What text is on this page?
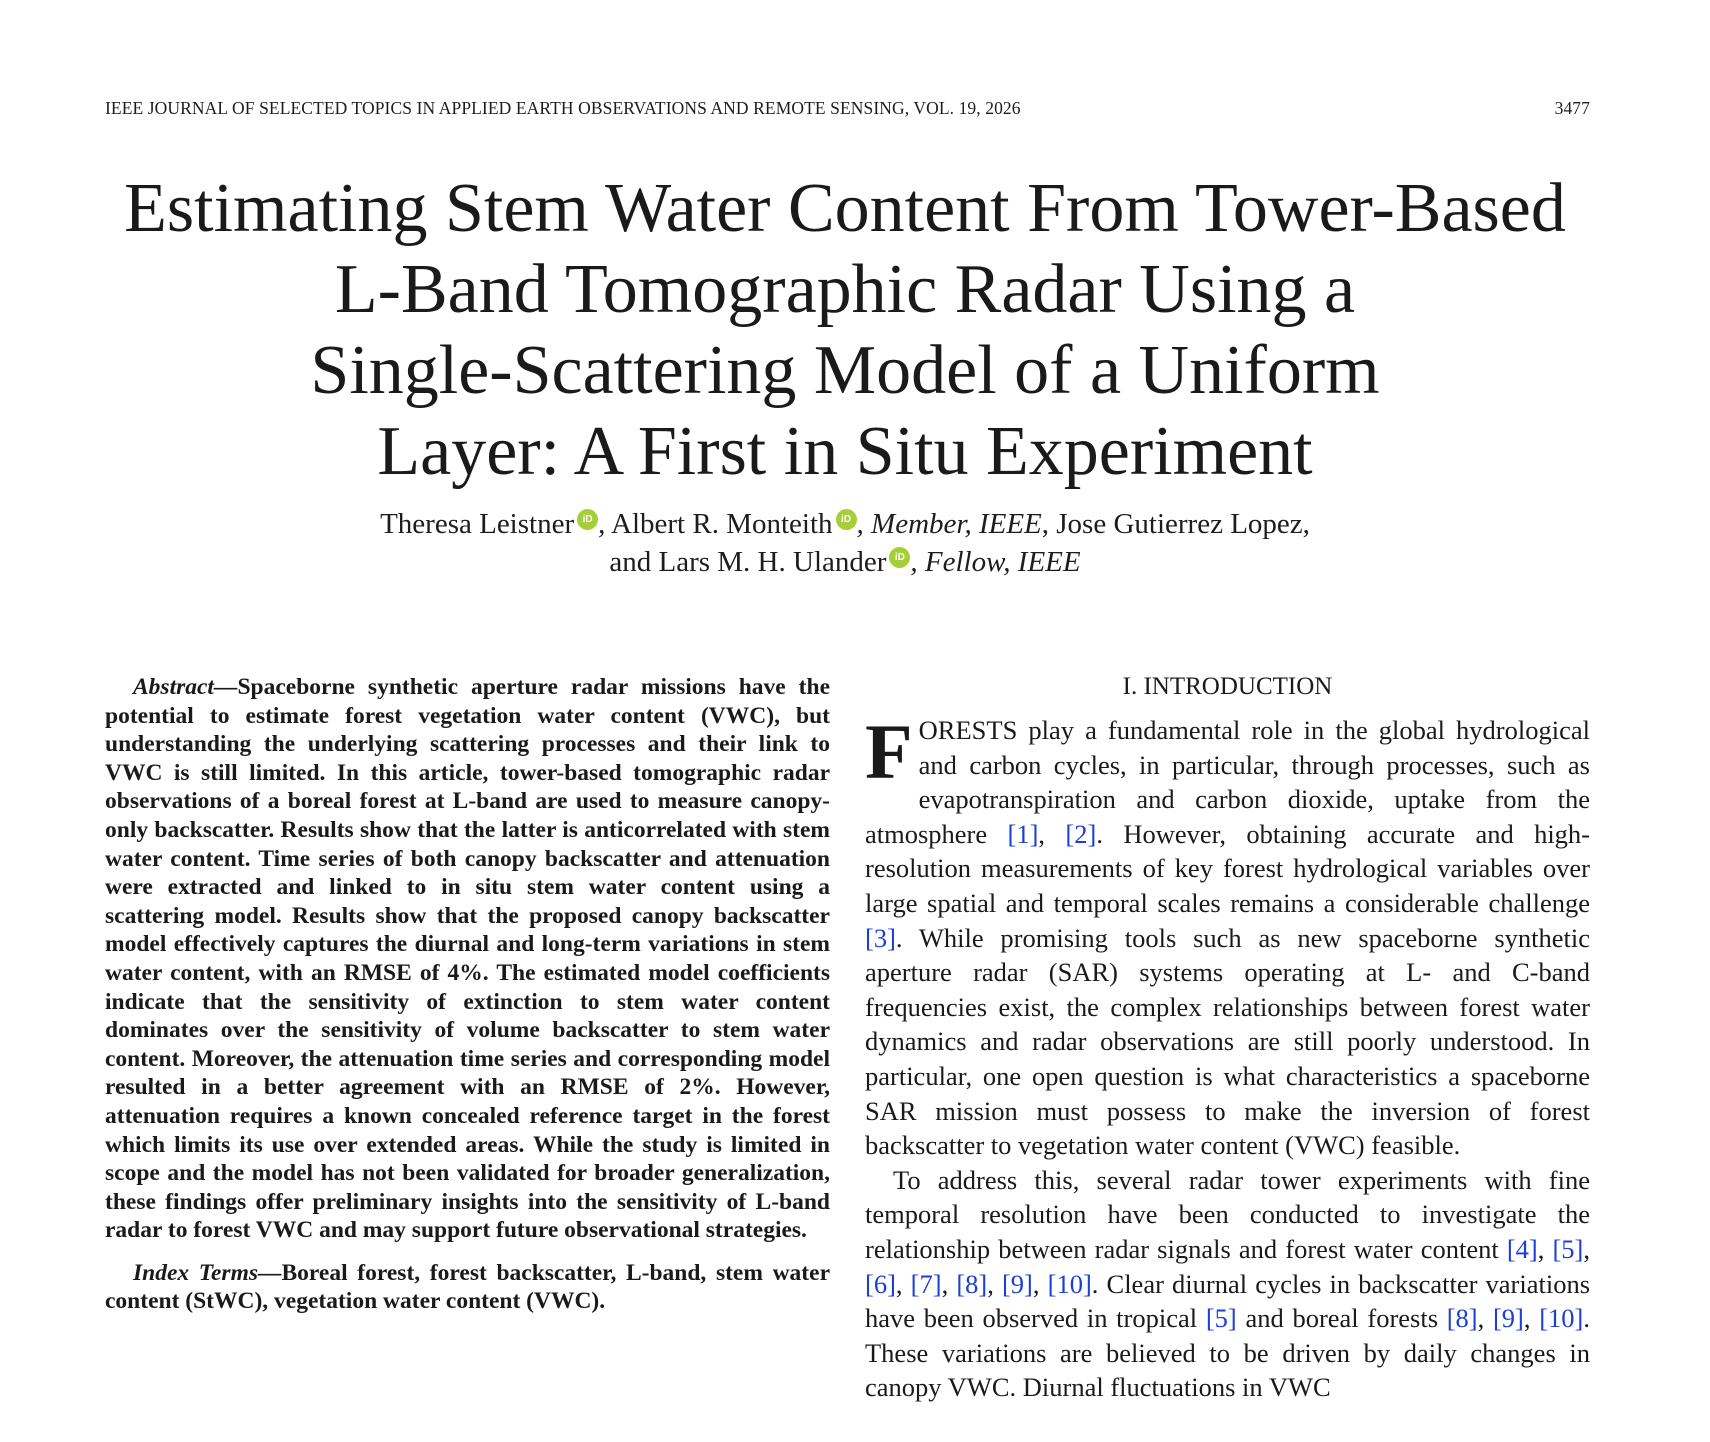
IEEE JOURNAL OF SELECTED TOPICS IN APPLIED EARTH OBSERVATIONS AND REMOTE SENSING, VOL. 19, 2026	3477
Estimating Stem Water Content From Tower-Based
L-Band Tomographic Radar Using a
Single-Scattering Model of a Uniform
Layer: A First in Situ Experiment
Theresa Leistner iD , Albert R. Monteith iD , Member, IEEE, Jose Gutierrez Lopez,
and Lars M. H. Ulander iD , Fellow, IEEE

Abstract—Spaceborne synthetic aperture radar missions have the potential to estimate forest vegetation water content (VWC), but understanding the underlying scattering processes and their link to VWC is still limited. In this article, tower-based tomographic radar observations of a boreal forest at L-band are used to measure canopy-only backscatter. Results show that the latter is anticorrelated with stem water content. Time series of both canopy backscatter and attenuation were extracted and linked to in situ stem water content using a scattering model. Results show that the proposed canopy backscatter model effectively captures the diurnal and long-term variations in stem water content, with an RMSE of 4%. The estimated model coefficients indicate that the sensitivity of extinction to stem water content dominates over the sensitivity of volume backscatter to stem water content. Moreover, the attenuation time series and corresponding model resulted in a better agreement with an RMSE of 2%. However, attenuation requires a known concealed reference target in the forest which limits its use over extended areas. While the study is limited in scope and the model has not been validated for broader generalization, these findings offer preliminary insights into the sensitivity of L-band radar to forest VWC and may support future observational strategies.

Index Terms—Boreal forest, forest backscatter, L-band, stem water content (StWC), vegetation water content (VWC).

I. INTRODUCTION

FORESTS play a fundamental role in the global hydrological and carbon cycles, in particular, through processes, such as evapotranspiration and carbon dioxide, uptake from the atmosphere [1], [2]. However, obtaining accurate and high-resolution measurements of key forest hydrological variables over large spatial and temporal scales remains a considerable challenge [3]. While promising tools such as new spaceborne synthetic aperture radar (SAR) systems operating at L- and C-band frequencies exist, the complex relationships between forest water dynamics and radar observations are still poorly understood. In particular, one open question is what characteristics a spaceborne SAR mission must possess to make the inversion of forest backscatter to vegetation water content (VWC) feasible.

To address this, several radar tower experiments with fine temporal resolution have been conducted to investigate the relationship between radar signals and forest water content [4], [5], [6], [7], [8], [9], [10]. Clear diurnal cycles in backscatter variations have been observed in tropical [5] and boreal forests [8], [9], [10]. These variations are believed to be driven by daily changes in canopy VWC. Diurnal fluctuations in VWC
